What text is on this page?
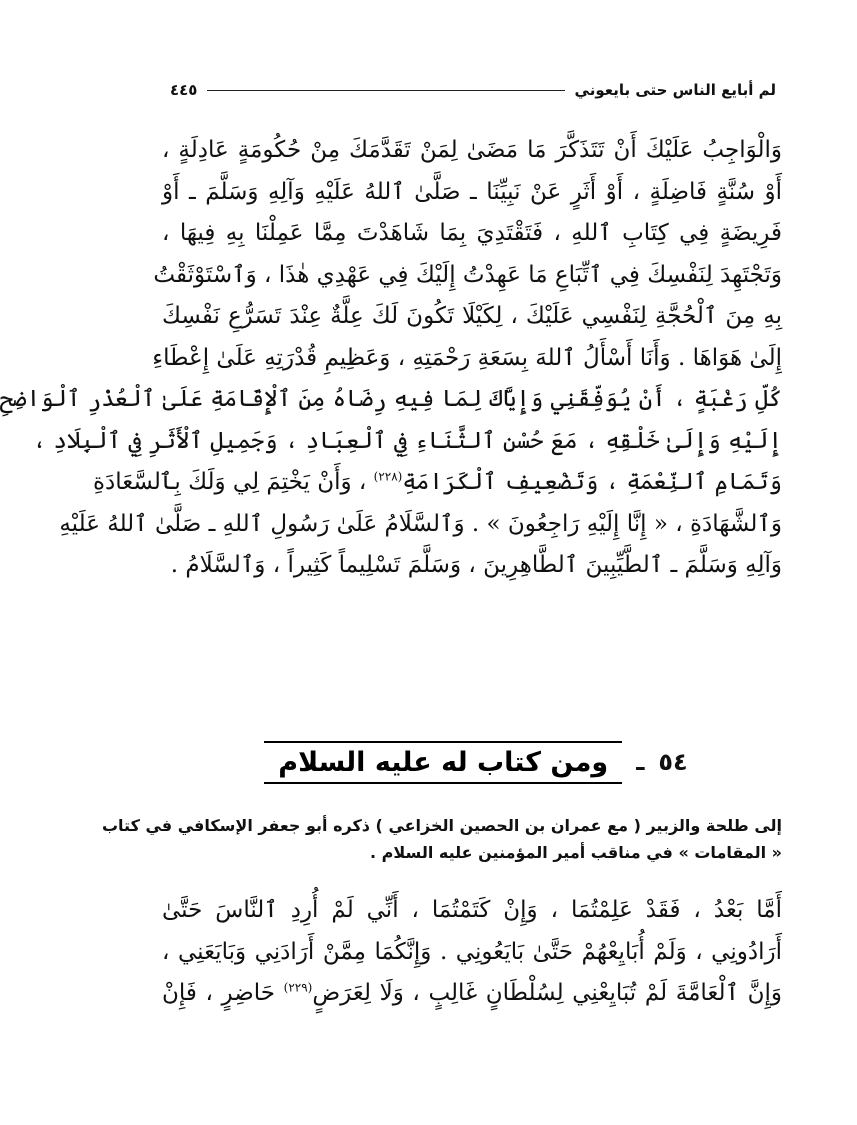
لم أبايع الناس حتى بايعوني
٤٤٥
وَالْوَاجِبُ عَلَيْكَ أَنْ تَتَذَكَّرَ مَا مَضَىٰ لِمَنْ تَقَدَّمَكَ مِنْ حُكُومَةٍ عَادِلَةٍ ،
أَوْ سُنَّةٍ فَاضِلَةٍ ، أَوْ أَثَرٍ عَنْ نَبِيِّنَا ـ صَلَّىٰ ٱللهُ عَلَيْهِ وَآلِهِ وَسَلَّمَ ـ أَوْ
فَرِيضَةٍ فِي كِتَابِ ٱللهِ ، فَتَقْتَدِيَ بِمَا شَاهَدْتَ مِمَّا عَمِلْنَا بِهِ فِيهَا ،
وَتَجْتَهِدَ لِنَفْسِكَ فِي ٱتِّبَاعِ مَا عَهِدْتُ إِلَيْكَ فِي عَهْدِي هٰذَا ، وَٱسْتَوْثَقْتُ
بِهِ مِنَ ٱلْحُجَّةِ لِنَفْسِي عَلَيْكَ ، لِكَيْلَا تَكُونَ لَكَ عِلَّةٌ عِنْدَ تَسَرُّعِ نَفْسِكَ
إِلَىٰ هَوَاهَا . وَأَنَا أَسْأَلُ ٱللهَ بِسَعَةِ رَحْمَتِهِ ، وَعَظِيمِ قُدْرَتِهِ عَلَىٰ إِعْطَاءِ
كُلِّ رَغْبَةٍ ، أَنْ يُوَفِّقَنِي وَإِيَّاكَ لِمَا فِيهِ رِضَاهُ مِنَ ٱلْإِقَامَةِ عَلَىٰ ٱلْعُذْرِ ٱلْوَاضِحِ
إِلَيْهِ وَإِلَىٰ خَلْقِهِ ، مَعَ حُسْنِ ٱلثَّنَاءِ فِي ٱلْعِبَادِ ، وَجَمِيلِ ٱلْأَثَرِ فِي ٱلْبِلَادِ ،
وَتَمَامِ ٱلنِّعْمَةِ ، وَتَضْعِيفِ ٱلْكَرَامَةِ$^{(٢٢٨)}$ ، وَأَنْ يَخْتِمَ لِي وَلَكَ بِٱلسَّعَادَةِ
وَٱلشَّهَادَةِ ، « إِنَّا إِلَيْهِ رَاجِعُونَ » . وَٱلسَّلَامُ عَلَىٰ رَسُولِ ٱللهِ ـ صَلَّىٰ ٱللهُ عَلَيْهِ
وَآلِهِ وَسَلَّمَ ـ ٱلطَّيِّبِينَ ٱلطَّاهِرِينَ ، وَسَلَّمَ تَسْلِيماً كَثِيراً ، وَٱلسَّلَامُ .
٥٤
ـ
ومن كتاب له عليه السلام
إلى طلحة والزبير ( مع عمران بن الحصين الخزاعي ) ذكره أبو جعفر الإسكافي في كتاب
« المقامات » في مناقب أمير المؤمنين عليه السلام .
أَمَّا بَعْدُ ، فَقَدْ عَلِمْتُمَا ، وَإِنْ كَتَمْتُمَا ، أَنِّي لَمْ أُرِدِ ٱلنَّاسَ حَتَّىٰ
أَرَادُونِي ، وَلَمْ أُبَايِعْهُمْ حَتَّىٰ بَايَعُونِي . وَإِنَّكُمَا مِمَّنْ أَرَادَنِي وَبَايَعَنِي ،
وَإِنَّ ٱلْعَامَّةَ لَمْ تُبَايِعْنِي لِسُلْطَانٍ غَالِبٍ ، وَلَا لِعَرَضٍ$^{(٢٢٩)}$ حَاضِرٍ ، فَإِنْ
